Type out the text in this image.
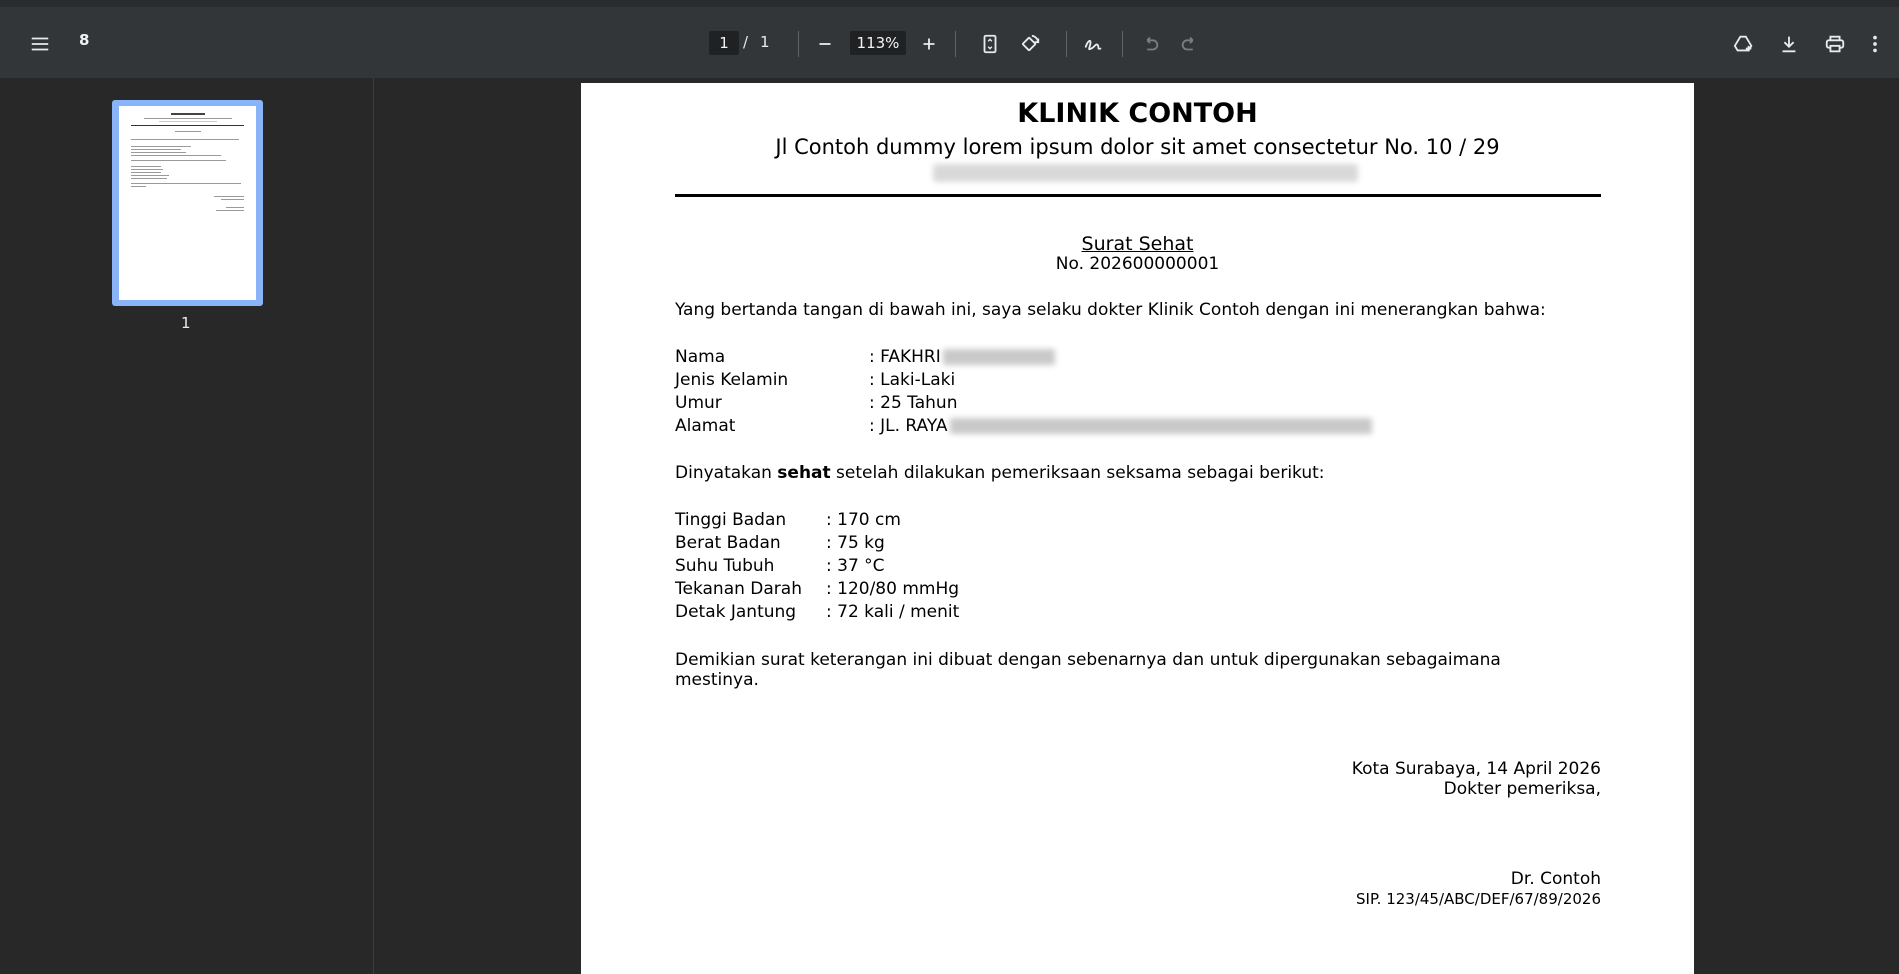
8	1 / 1	113%
1
KLINIK CONTOH
Jl Contoh dummy lorem ipsum dolor sit amet consectetur No. 10 / 29
Surat Sehat
No. 202600000001
Yang bertanda tangan di bawah ini, saya selaku dokter Klinik Contoh dengan ini menerangkan bahwa:
Nama	: FAKHRI
Jenis Kelamin	: Laki-Laki
Umur	: 25 Tahun
Alamat	: JL. RAYA
Dinyatakan sehat setelah dilakukan pemeriksaan seksama sebagai berikut:
Tinggi Badan : 170 cm
Berat Badan	: 75 kg
Suhu Tubuh	: 37 °C
Tekanan Darah : 120/80 mmHg
Detak Jantung : 72 kali / menit
Demikian surat keterangan ini dibuat dengan sebenarnya dan untuk dipergunakan sebagaimana
mestinya.
Kota Surabaya, 14 April 2026
Dokter pemeriksa,
Dr. Contoh
SIP. 123/45/ABC/DEF/67/89/2026
